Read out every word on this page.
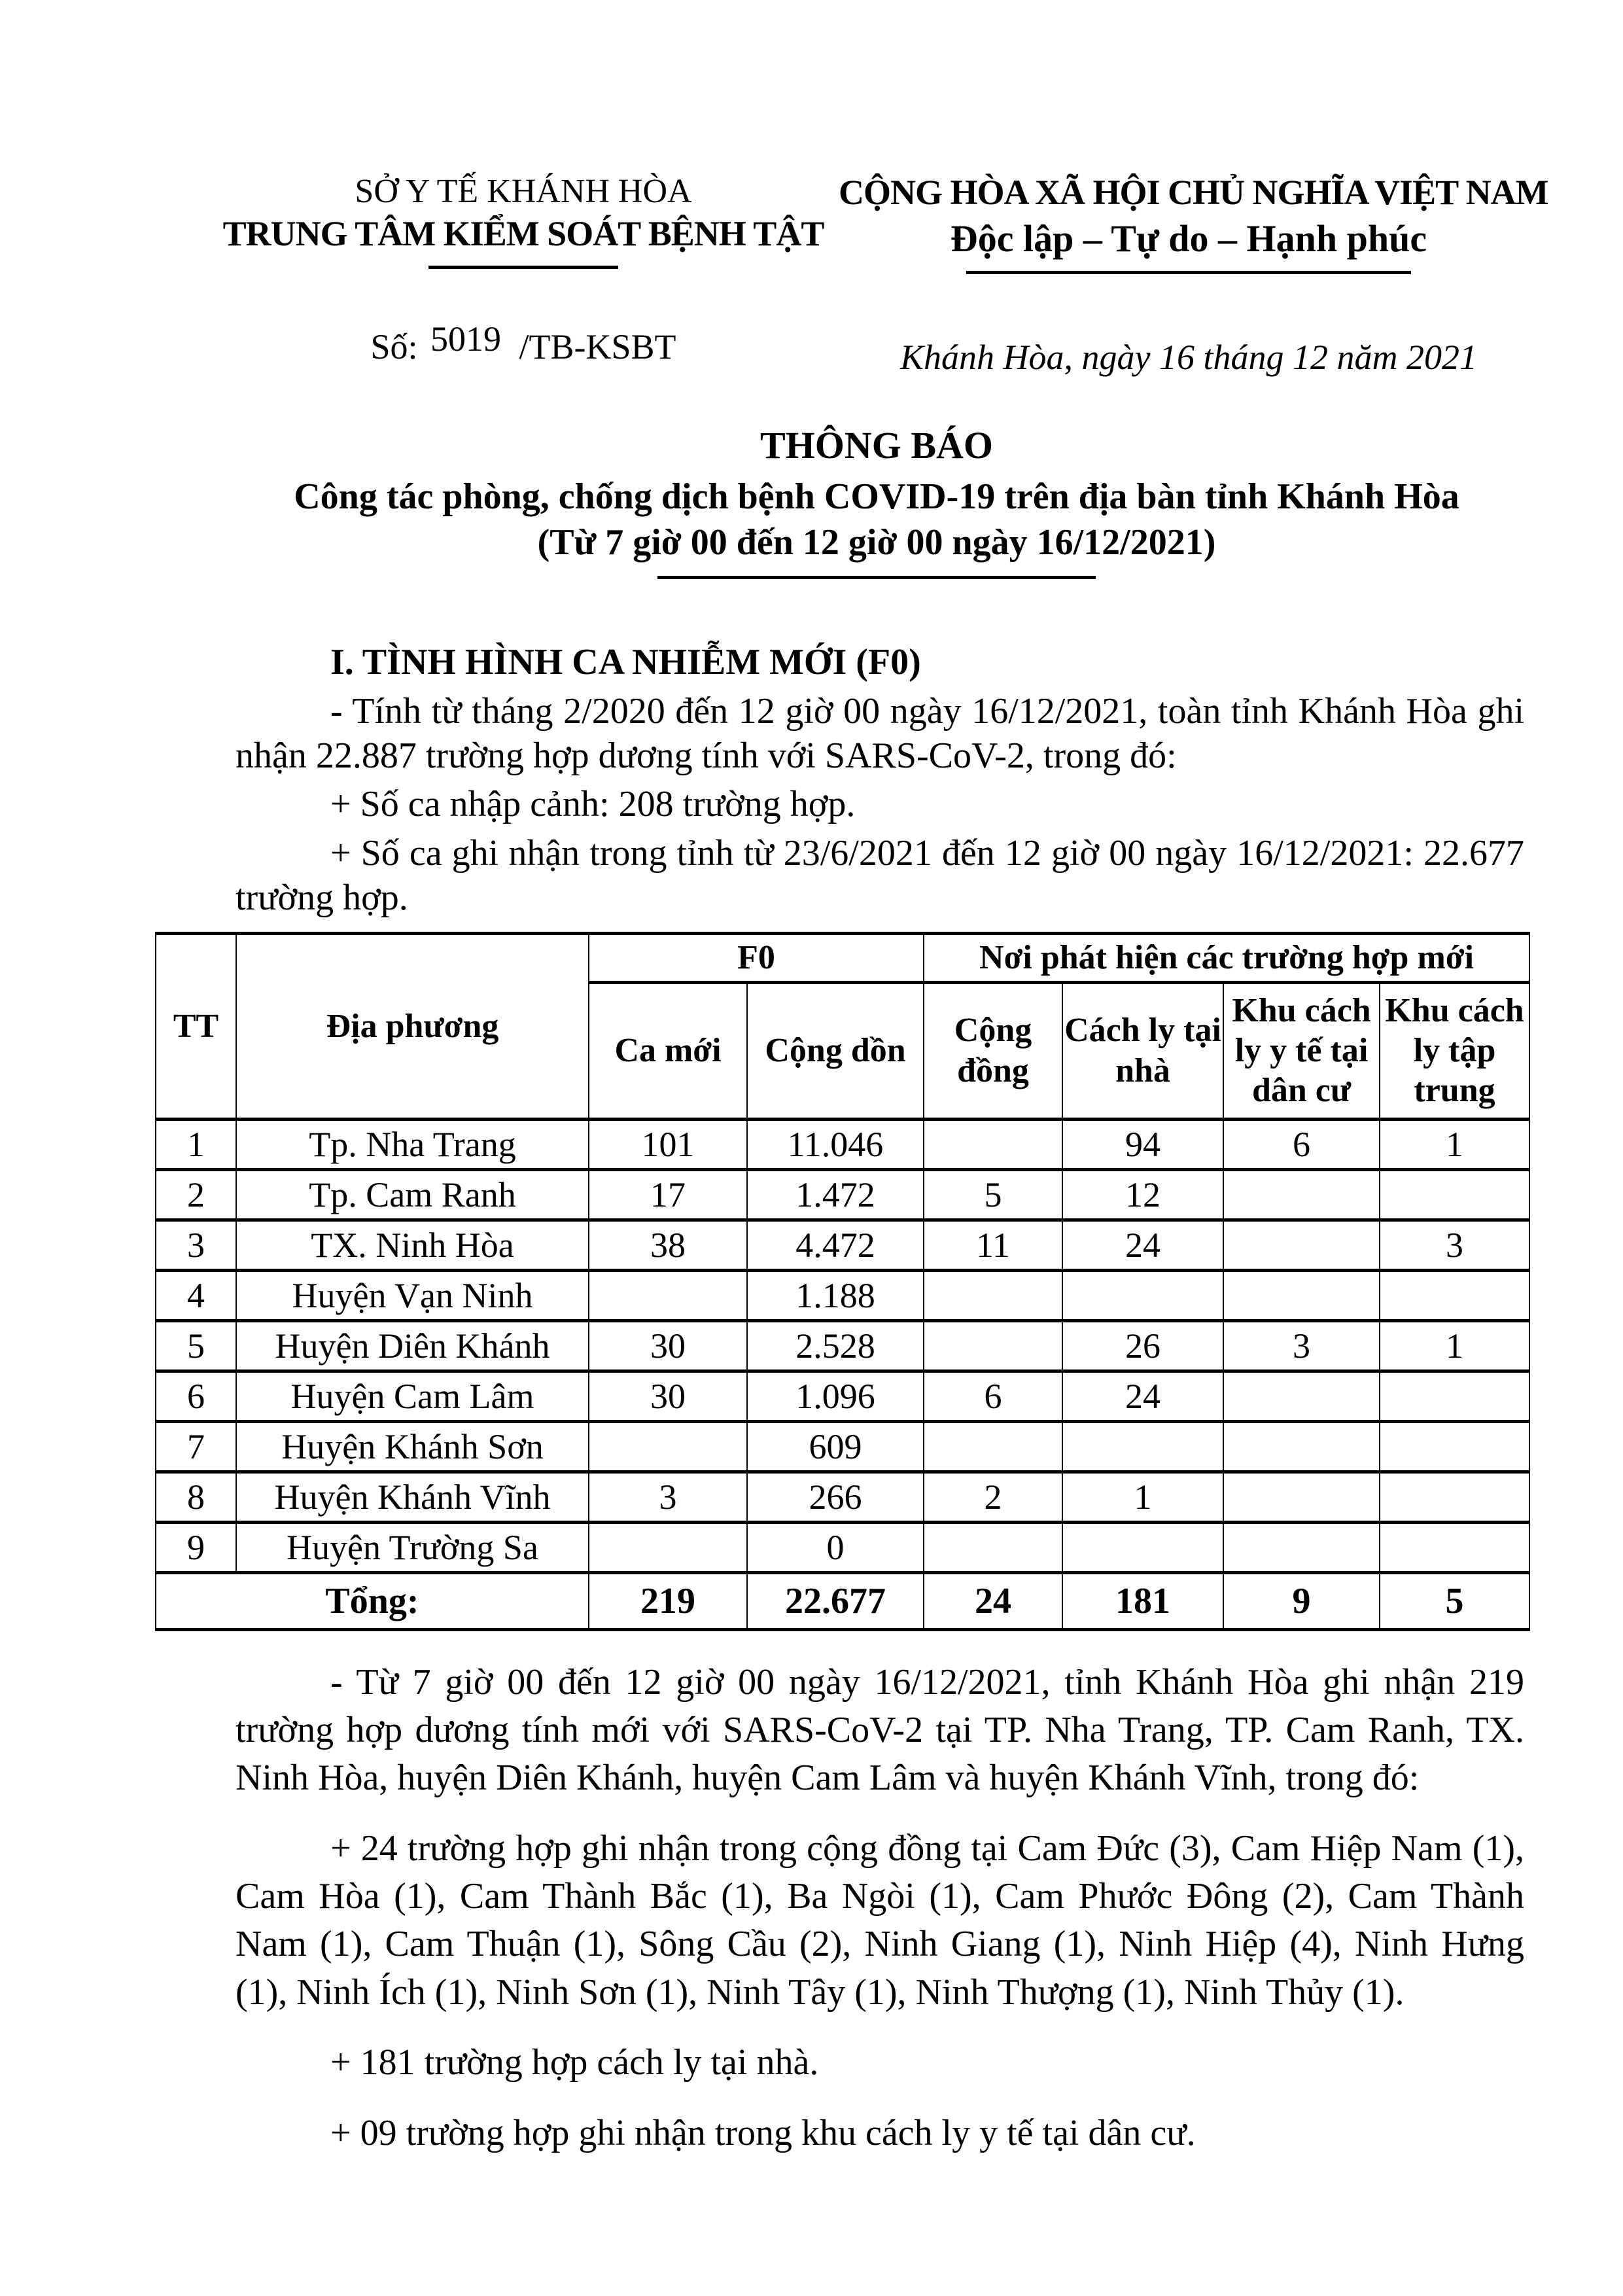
SỞ Y TẾ KHÁNH HÒA
TRUNG TÂM KIỂM SOÁT BỆNH TẬT
Số: 5019 /TB-KSBT
CỘNG HÒA XÃ HỘI CHỦ NGHĨA VIỆT NAM
Độc lập – Tự do – Hạnh phúc
Khánh Hòa, ngày 16 tháng 12 năm 2021
THÔNG BÁO
Công tác phòng, chống dịch bệnh COVID-19 trên địa bàn tỉnh Khánh Hòa
(Từ 7 giờ 00 đến 12 giờ 00 ngày 16/12/2021)
I. TÌNH HÌNH CA NHIỄM MỚI (F0)
- Tính từ tháng 2/2020 đến 12 giờ 00 ngày 16/12/2021, toàn tỉnh Khánh Hòa ghi nhận 22.887 trường hợp dương tính với SARS-CoV-2, trong đó:
+ Số ca nhập cảnh: 208 trường hợp.
+ Số ca ghi nhận trong tỉnh từ 23/6/2021 đến 12 giờ 00 ngày 16/12/2021: 22.677 trường hợp.
TT	Địa phương	F0		Nơi phát hiện các trường hợp mới			
		Ca mới	Cộng dồn	Cộng đồng	Cách ly tại nhà	Khu cách ly y tế tại dân cư	Khu cách ly tập trung
1	Tp. Nha Trang	101	11.046		94	6	1
2	Tp. Cam Ranh	17	1.472	5	12		
3	TX. Ninh Hòa	38	4.472	11	24		3
4	Huyện Vạn Ninh		1.188				
5	Huyện Diên Khánh	30	2.528		26	3	1
6	Huyện Cam Lâm	30	1.096	6	24		
7	Huyện Khánh Sơn		609				
8	Huyện Khánh Vĩnh	3	266	2	1		
9	Huyện Trường Sa		0				
Tổng:		219	22.677	24	181	9	5
- Từ 7 giờ 00 đến 12 giờ 00 ngày 16/12/2021, tỉnh Khánh Hòa ghi nhận 219 trường hợp dương tính mới với SARS-CoV-2 tại TP. Nha Trang, TP. Cam Ranh, TX. Ninh Hòa, huyện Diên Khánh, huyện Cam Lâm và huyện Khánh Vĩnh, trong đó:
+ 24 trường hợp ghi nhận trong cộng đồng tại Cam Đức (3), Cam Hiệp Nam (1), Cam Hòa (1), Cam Thành Bắc (1), Ba Ngòi (1), Cam Phước Đông (2), Cam Thành Nam (1), Cam Thuận (1), Sông Cầu (2), Ninh Giang (1), Ninh Hiệp (4), Ninh Hưng (1), Ninh Ích (1), Ninh Sơn (1), Ninh Tây (1), Ninh Thượng (1), Ninh Thủy (1).
+ 181 trường hợp cách ly tại nhà.
+ 09 trường hợp ghi nhận trong khu cách ly y tế tại dân cư.
